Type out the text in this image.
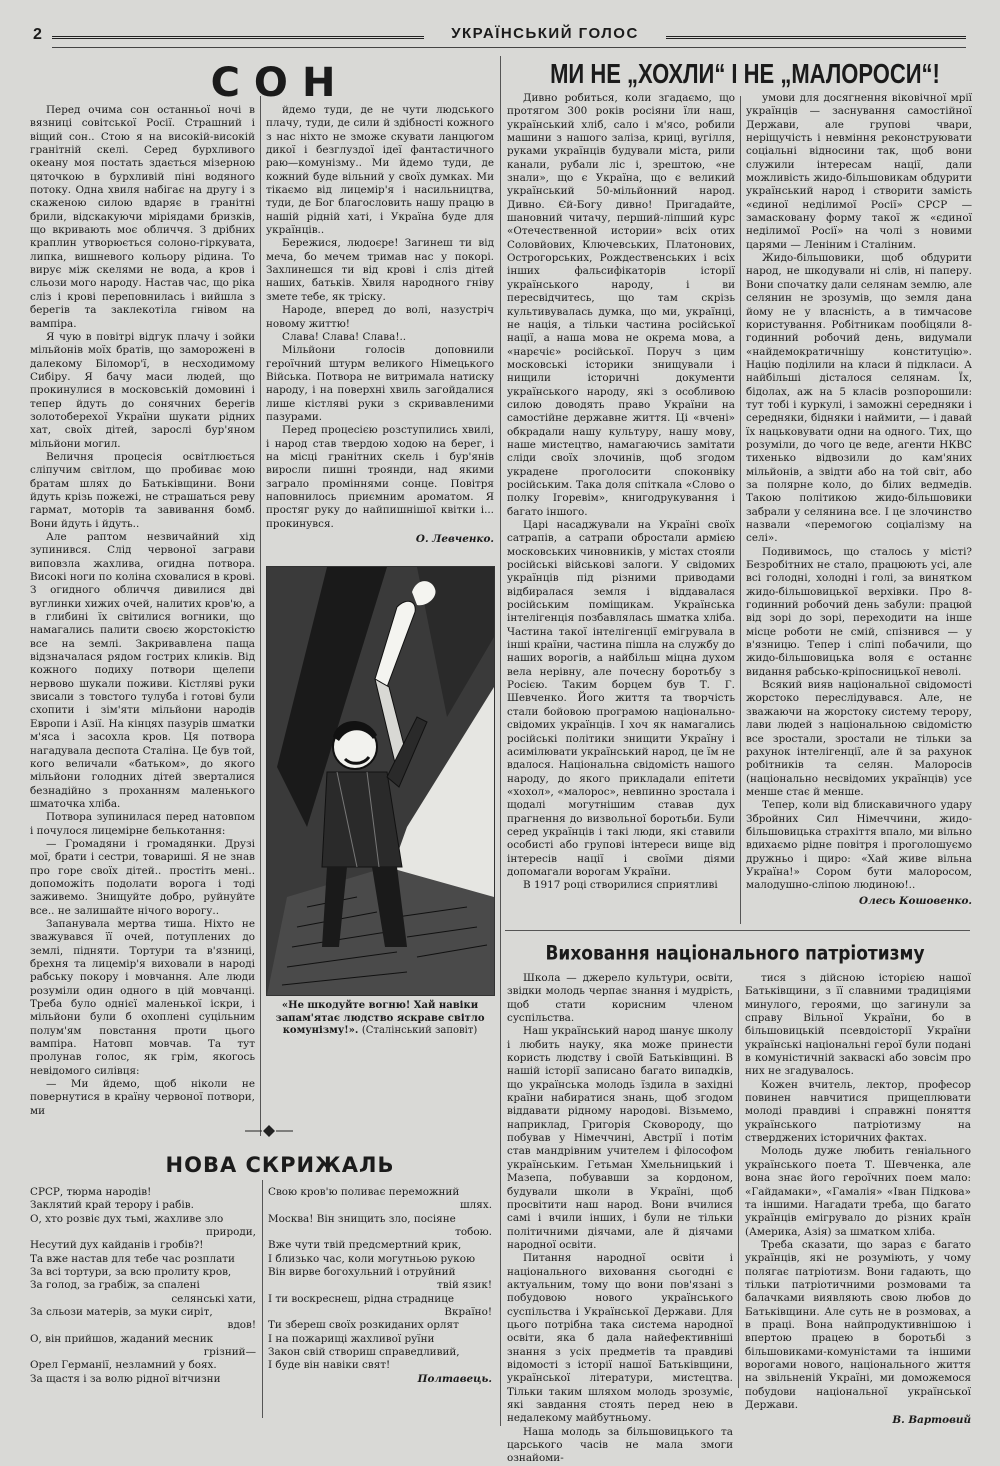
2	УКРАЇНСЬКИЙ ГОЛОС
СОН

Перед очима сон останньої ночі в вязниці совітської Росії. Страшний і віщий сон.. Стою я на високій-високій гранітній скелі. Серед бурхливого океану моя постать здається мізерною цяточкою в бурхливій піні водяного потоку. Одна хвиля набігає на другу і з скаженою силою вдаряє в гранітні брили, відскакуючи міріядами бризків, що вкривають моє обличчя. З дрібних краплин утворюється солоно-гіркувата, липка, вишневого кольору рідина. То вирує між скелями не вода, а кров і сльози мого народу. Настав час, що ріка сліз і крові переповнилась і вийшла з берегів та заклекотіла гнівом на вампіра.

Я чую в повітрі відгук плачу і зойки мільйонів моїх братів, що заморожені в далекому Біломор'ї, в несходимому Сибіру. Я бачу маси людей, що прокинулися в московській домовині і тепер йдуть до сонячних берегів золотоберехої України шукати рідних хат, своїх дітей, зарослі бур'яном мільйони могил.

Величня процесія освітлюється сліпучим світлом, що пробиває мою братам шлях до Батьківщини. Вони йдуть крізь пожежі, не страшаться реву гармат, моторів та завивання бомб. Вони йдуть і йдуть..

Але раптом незвичайний хід зупинився. Слід червоної заграви виповзла жахлива, огидна потвора. Високі ноги по коліна сховалися в крові. З огидного обличчя дивилися дві вуглинки хижих очей, налитих кров'ю, а в глибині їх світилися вогники, що намагались палити своєю жорстокістю все на землі. Закривавлена паща відзначалася рядом гострих кликів. Від кожного подиху потвори щелепи нервово шукали поживи. Кістляві руки звисали з товстого тулуба і готові були схопити і зім'яти мільйони народів Европи і Азії. На кінцях пазурів шматки м'яса і засохла кров. Ця потвора нагадувала деспота Сталіна. Це був той, кого величали «батьком», до якого мільйони голодних дітей зверталися безнадійно з проханням маленького шматочка хліба.

Потвора зупинилася перед натовпом і почулося лицемірне белькотання:

— Громадяни і громадянки. Друзі мої, брати і сестри, товариші. Я не знав про горе своїх дітей.. простіть мені.. допоможіть подолати ворога і тоді заживемо. Знищуйте добро, руйнуйте все.. не залишайте нічого ворогу..

Запанувала мертва тиша. Ніхто не зважувався її очей, потуплених до землі, підняти. Тортури та в'язниці, брехня та лицемір'я виховали в народі рабську покору і мовчання. Але люди розуміли один одного в цій мовчанці. Треба було однієї маленької іскри, і мільйони були б охоплені суцільним полум'ям повстання проти цього вампіра. Натовп мовчав. Та тут пролунав голос, як грім, якогось невідомого силівця:

— Ми йдемо, щоб ніколи не повернутися в країну червоної потвори, ми

йдемо туди, де не чути людського плачу, туди, де сили й здібності кожного з нас ніхто не зможе скувати ланцюгом дикої і безглуздої ідеї фантастичного раю—комунізму.. Ми йдемо туди, де кожний буде вільний у своїх думках. Ми тікаємо від лицемір'я і насильництва, туди, де Бог благословить нашу працю в нашій рідній хаті, і Україна буде для українців..

Бережися, людоєре! Загинеш ти від меча, бо мечем тримав нас у покорі. Захлинешся ти від крові і сліз дітей наших, батьків. Хвиля народного гніву змете тебе, як тріску.

Народе, вперед до волі, назустріч новому життю!

Слава! Слава! Слава!..

Мільйони голосів доповнили героїчний штурм великого Німецького Війська. Потвора не витримала натиску народу, і на поверхні хвиль загойдалися лише кістляві руки з скривавленими пазурами.

Перед процесією розступились хвилі, і народ став твердою ходою на берег, і на місці гранітних скель і бур'янів виросли пишні троянди, над якими заграло проміннями сонце. Повітря наповнилось приємним ароматом. Я простяг руку до найпишнішої квітки і... прокинувся.

О. Левченко.

«Не шкодуйте вогню! Хай навіки запам'ятає людство яскраве світло комунізму!». (Сталінський заповіт)
НОВА СКРИЖАЛЬ
СРСР, тюрма народів!
Заклятий край терору і рабів.
О, хто розвіє дух тьмі, жахливе зло
природи,
Несутий дух кайданів і гробів?!
Та вже настав для тебе час розплати
За всі тортури, за всю пролиту кров,
За голод, за грабіж, за спалені
селянські хати,
За сльози матерів, за муки сиріт,
вдов!
О, він прийшов, жаданий месник
грізний—
Орел Германії, незламний у боях.
За щастя і за волю рідної вітчизни
Свою кров'ю поливає переможний
шлях.
Москва! Він знищить зло, посіяне
тобою.
Вже чути твій предсмертний крик,
І близько час, коли могутньою рукою
Він вирве богохульний і отруйний
твій язик!
І ти воскреснеш, рідна страднице
Вкраїно!
Ти збереш своїх розкиданих орлят
І на пожарищі жахливої руїни
Закон свій створиш справедливий,
І буде він навіки свят!
Полтавець.
МИ НЕ „ХОХЛИ“ І НЕ „МАЛОРОСИ“!

Дивно робиться, коли згадаємо, що протягом 300 років росіяни їли наш, український хліб, сало і м'ясо, робили машини з нашого заліза, криці, вугілля, руками українців будували міста, рили канали, рубали ліс і, зрештою, «не знали», що є Україна, що є великий український 50-мільйонний народ. Дивно. Єй-Богу дивно! Пригадайте, шановний читачу, перший-ліпший курс «Отечественной истории» всіх отих Соловйових, Ключевських, Платонових, Острогорських, Рождественських і всіх інших фальсифікаторів історії українського народу, і ви пересвідчитесь, що там скрізь культивувалась думка, що ми, українці, не нація, а тільки частина російської нації, а наша мова не окрема мова, а «нарєчіє» російської. Поруч з цим московські історики знищували і нищили історичні документи українського народу, які з особливою силою доводять право України на самостійне державне життя. Ці «вчені» обкрадали нашу культуру, нашу мову, наше мистецтво, намагаючись замітати сліди своїх злочинів, щоб згодом укрaдене проголосити споконвіку російським. Така доля спіткала «Слово о полку Ігоревім», книгодрукування і багато іншого.

Царі насаджували на Україні своїх сатрапів, а сатрапи обростали армією московських чиновників, у містах стояли російські військові залоги. У свідомих українців під різними приводами відбиралася земля і віддавалася російським поміщикам. Українська інтелігенція позбавлялась шматка хліба. Частина такої інтелігенції емігрувала в інші країни, частина пішла на службу до наших ворогів, а найбільш міцна духом вела нерівну, але почесну боротьбу з Росією. Таким борцем був Т. Г. Шевченко. Його життя та творчість стали бойовою програмою національно-свідомих українців. І хоч як намагались російські політики знищити Україну і асимілювати український народ, це їм не вдалося. Національна свідомість нашого народу, до якого прикладали епітети «хохол», «малорос», невпинно зростала і щодалі могутнішим ставав дух прагнення до визвольної боротьби. Були серед українців і такі люди, які ставили особисті або групові інтереси вище від інтересів нації і своїми діями допомагали ворогам України.

В 1917 році створилися сприятливі

умови для досягнення віковічної мрії українців — заснування самостійної Держави, але групові чвари, неріщучість і невміння реконструювати соціальні відносини так, щоб вони служили інтересам нації, дали можливість жидо-більшовикам обдурити український народ і створити замість «єдиної неділимої Росії» СРСР — замасковану форму такої ж «єдиної неділимої Росії» на чолі з новими царями — Леніним і Сталіним.

Жидо-більшовики, щоб обдурити народ, не шкодували ні слів, ні паперу. Вони спочатку дали селянам землю, але селянин не зрозумів, що земля дана йому не у власність, а в тимчасове користування. Робітникам пообіцяли 8-годинний робочий день, видумали «найдемократичнішу конституцію». Націю поділили на класи й підкласи. А найбільші дісталося селянам. Їх, бідолах, аж на 5 класів розпорошили: тут тобі і куркулі, і заможні середняки і середняки, бідняки і наймити, — і давай їх нацьковувати одни на одного. Тих, що розуміли, до чого це веде, агенти НКВС тихенько відвозили до кам'яних мільйонів, а звідти або на той світ, або за полярне коло, до білих ведмедів. Такою політикою жидо-більшовики забрали у селянина все. І це злочинство назвали «перемогою соціалізму на селі».

Подивимось, що сталось у місті? Безробітних не стало, працюють усі, але всі голодні, холодні і голі, за винятком жидо-більшовицької верхівки. Про 8-годинний робочий день забули: працюй від зорі до зорі, переходити на інше місце роботи не смій, спізнився — у в'язницю. Тепер і сліпі побачили, що жидо-більшовицька воля є останнє видання рабсько-кріпосницької неволі.

Всякий вияв національної свідомості жорстоко переслідувався. Але, не зважаючи на жорстоку систему терору, лави людей з національною свідомістю все зростали, зростали не тільки за рахунок інтелігенції, але й за рахунок робітників та селян. Малоросів (національно несвідомих українців) усе менше стає й менше.

Тепер, коли від блискавичного удару Збройних Сил Німеччини, жидо-більшовицька страхіття впало, ми вільно вдихаємо рідне повітря і проголошуємо дружньо і щиро: «Хай живе вільна Україна!» Сором бути малоросом, малодушно-сліпою людиною!..

Олесь Кошовенко.

Виховання національного патріотизму

Школа — джерело культури, освіти, звідки молодь черпає знання і мудрість, щоб стати корисним членом суспільства.

Наш український народ шанує школу і любить науку, яка може принести користь людству і своїй Батьківщині. В нашій історії записано багато випадків, що українська молодь їздила в західні країни набиратися знань, щоб згодом віддавати рідному народові. Візьмемо, наприклад, Григорія Сковороду, що побував у Німеччині, Австрії і потім став мандрівним учителем і філософом українським. Гетьман Хмельницький і Мазепа, побувавши за кордоном, будували школи в Україні, щоб просвітити наш народ. Вони вчилися самі і вчили інших, і були не тільки політичними діячами, але й діячами народної освіти.

Питання народної освіти і національного виховання сьогодні є актуальним, тому що вони пов'язані з побудовою нового українського суспільства і Української Держави. Для цього потрібна така система народної освіти, яка б дала найефективніші знання з усіх предметів та правдиві відомості з історії нашої Батьківщини, української літератури, мистецтва. Тільки таким шляхом молодь зрозуміє, які завдання стоять перед нею в недалекому майбутньому.

Наша молодь за більшовицького та царського часів не мала змоги ознайоми-

тися з дійсною історією нашої Батьківщини, з її славними традиціями минулого, героями, що загинули за справу Вільної України, бо в більшовицькій псевдоісторії України українські національні герої були подані в комуністичній закваскі або зовсім про них не згадувалось.

Кожен вчитель, лектор, професор повинен навчитися прищеплювати молоді правдиві і справжні поняття українського патріотизму на стверджених історичних фактах.

Молодь дуже любить геніального українського поета Т. Шевченка, але вона знає його героїчних поем мало: «Гайдамаки», «Гамалія» «Іван Підкова» та іншими. Нагадати треба, що багато українців емігрувало до різних країн (Америка, Азія) за шматком хліба.

Треба сказати, що зараз є багато українців, які не розуміють, у чому полягає патріотизм. Вони гадають, що тільки патріотичними розмовами та балачками виявляють свою любов до Батьківщини. Але суть не в розмовах, а в праці. Вона найпродуктивнішою і впертою працею в боротьбі з більшовиками-комуністами та іншими ворогами нового, національного життя на звільненій Україні, ми доможемося побудови національної української Держави.

В. Вартовий
